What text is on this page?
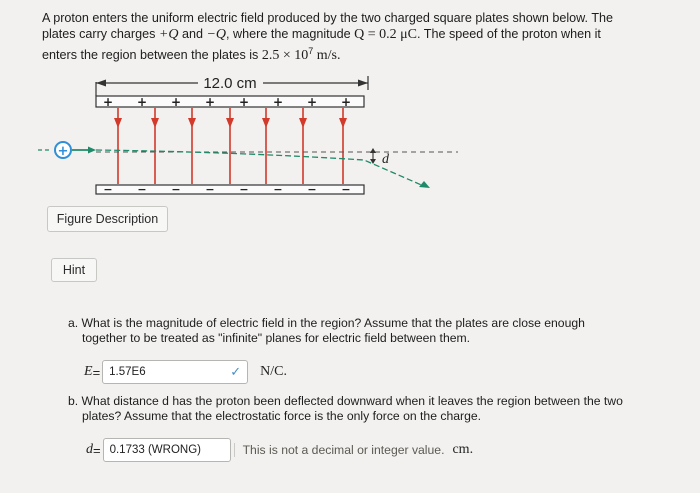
A proton enters the uniform electric field produced by the two charged square plates shown below. The
plates carry charges +Q and −Q, where the magnitude Q = 0.2 μC. The speed of the proton when it
enters the region between the plates is $2.5 \times 10^7$ m/s.
12.0 cm
+ + + + + + + +
− − − − − − − −
+
d
Figure Description
Hint
a. What is the magnitude of electric field in the region? Assume that the plates are close enough
together to be treated as "infinite" planes for electric field between them.
E = 1.57E6	✓ N/C.
b. What distance d has the proton been deflected downward when it leaves the region between the two
plates? Assume that the electrostatic force is the only force on the charge.
d = 0.1733 (WRONG)	This is not a decimal or integer value. cm.
